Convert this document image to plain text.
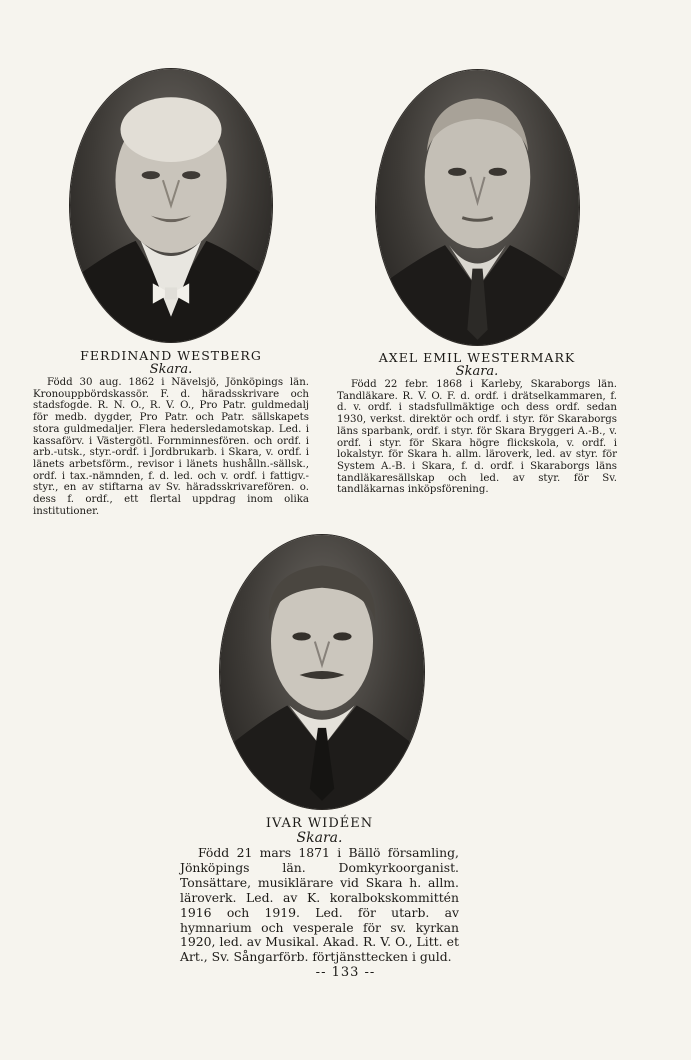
FERDINAND WESTBERG

Skara.

Född 30 aug. 1862 i Nävelsjö, Jönköpings län. Kronouppbördskassör. F. d. häradsskrivare och stadsfogde. R. N. O., R. V. O., Pro Patr. guldmedalj för medb. dygder, Pro Patr. och Patr. sällskapets stora guldmedaljer. Flera hedersledamotskap. Led. i kassaförv. i Västergötl. Fornminnesfören. och ordf. i arb.-utsk., styr.-ordf. i Jordbrukarb. i Skara, v. ordf. i länets arbetsförm., revisor i länets hushålln.-sällsk., ordf. i tax.-nämnden, f. d. led. och v. ordf. i fattigv.-styr., en av stiftarna av Sv. häradsskrivarefören. o. dess f. ordf., ett flertal uppdrag inom olika institutioner.

AXEL EMIL WESTERMARK

Skara.

Född 22 febr. 1868 i Karleby, Skaraborgs län. Tandläkare. R. V. O. F. d. ordf. i drätselkammaren, f. d. v. ordf. i stadsfullmäktige och dess ordf. sedan 1930, verkst. direktör och ordf. i styr. för Skaraborgs läns sparbank, ordf. i styr. för Skara Bryggeri A.-B., v. ordf. i styr. för Skara högre flickskola, v. ordf. i lokalstyr. för Skara h. allm. läroverk, led. av styr. för System A.-B. i Skara, f. d. ordf. i Skaraborgs läns tandläkaresällskap och led. av styr. för Sv. tandläkarnas inköpsförening.

IVAR WIDÉEN

Skara.

Född 21 mars 1871 i Bällö församling, Jönköpings län. Domkyrkoorganist. Tonsättare, musiklärare vid Skara h. allm. läroverk. Led. av K. koralbokskommittén 1916 och 1919. Led. för utarb. av hymnarium och vesperale för sv. kyrkan 1920, led. av Musikal. Akad. R. V. O., Litt. et Art., Sv. Sångarförb. förtjänsttecken i guld.

-- 133 --
